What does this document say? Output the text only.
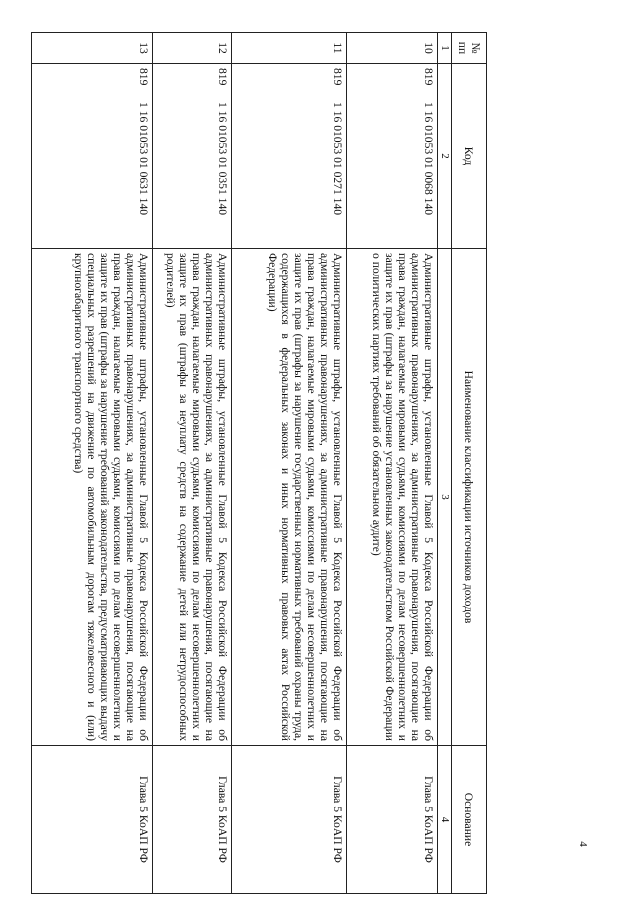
4
№ пп	Код	Наименование классификации источников доходов	Основание
1	2	3	4
10	8191 16 01053 01 0068 140	Административные штрафы, установленные Главой 5 Кодекса Российской Федерации об административных правонарушениях, за административные правонарушения, посягающие на права граждан, налагаемые мировыми судьями, комиссиями по делам несовершеннолетних и защите их прав (штрафы за нарушение установленных законодательством Российской Федерации о политических партиях требований об обязательном аудите)	Глава 5 КоАП РФ
11	8191 16 01053 01 0271 140	Административные штрафы, установленные Главой 5 Кодекса Российской Федерации об административных правонарушениях, за административные правонарушения, посягающие на права граждан, налагаемые мировыми судьями, комиссиями по делам несовершеннолетних и защите их прав (штрафы за нарушение государственных нормативных требований охраны труда, содержащихся в федеральных законах и иных нормативных правовых актах Российской Федерации)	Глава 5 КоАП РФ
12	8191 16 01053 01 0351 140	Административные штрафы, установленные Главой 5 Кодекса Российской Федерации об административных правонарушениях, за административные правонарушения, посягающие на права граждан, налагаемые мировыми судьями, комиссиями по делам несовершеннолетних и защите их прав (штрафы за неуплату средств на содержание детей или нетрудоспособных родителей)	Глава 5 КоАП РФ
13	8191 16 01053 01 0631 140	Административные штрафы, установленные Главой 5 Кодекса Российской Федерации об административных правонарушениях, за административные правонарушения, посягающие на права граждан, налагаемые мировыми судьями, комиссиями по делам несовершеннолетних и защите их прав (штрафы за нарушение требований законодательства, предусматривающих выдачу специальных разрешений на движение по автомобильным дорогам тяжеловесного и (или) крупногабаритного транспортного средства)	Глава 5 КоАП РФ
